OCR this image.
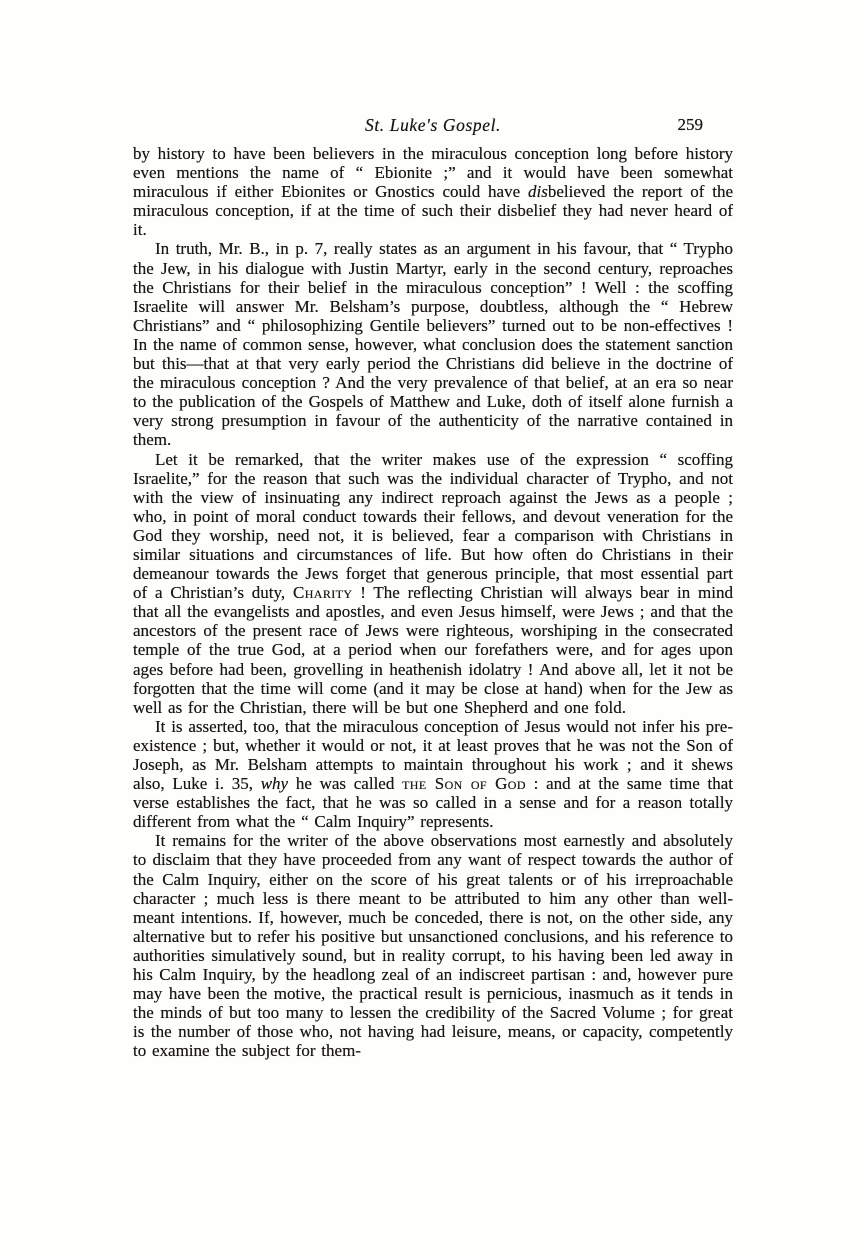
St. Luke's Gospel.	259

by history to have been believers in the miraculous conception long before history even mentions the name of “ Ebionite ;” and it would have been somewhat miraculous if either Ebionites or Gnostics could have disbelieved the report of the miraculous conception, if at the time of such their disbelief they had never heard of it.

In truth, Mr. B., in p. 7, really states as an argument in his favour, that “ Trypho the Jew, in his dialogue with Justin Martyr, early in the second century, reproaches the Christians for their belief in the miraculous conception” ! Well : the scoffing Israelite will answer Mr. Belsham’s purpose, doubtless, although the “ Hebrew Christians” and “ philosophizing Gentile believers” turned out to be non-effectives ! In the name of common sense, however, what conclusion does the statement sanction but this—that at that very early period the Christians did believe in the doctrine of the miraculous conception ? And the very prevalence of that belief, at an era so near to the publication of the Gospels of Matthew and Luke, doth of itself alone furnish a very strong presumption in favour of the authenticity of the narrative contained in them.

Let it be remarked, that the writer makes use of the expression “ scoffing Israelite,” for the reason that such was the individual character of Trypho, and not with the view of insinuating any indirect reproach against the Jews as a people ; who, in point of moral conduct towards their fellows, and devout veneration for the God they worship, need not, it is believed, fear a comparison with Christians in similar situations and circumstances of life. But how often do Christians in their demeanour towards the Jews forget that generous principle, that most essential part of a Christian’s duty, Charity ! The reflecting Christian will always bear in mind that all the evangelists and apostles, and even Jesus himself, were Jews ; and that the ancestors of the present race of Jews were righteous, worshiping in the consecrated temple of the true God, at a period when our forefathers were, and for ages upon ages before had been, grovelling in heathenish idolatry ! And above all, let it not be forgotten that the time will come (and it may be close at hand) when for the Jew as well as for the Christian, there will be but one Shepherd and one fold.

It is asserted, too, that the miraculous conception of Jesus would not infer his pre-existence ; but, whether it would or not, it at least proves that he was not the Son of Joseph, as Mr. Belsham attempts to maintain throughout his work ; and it shews also, Luke i. 35, why he was called the Son of God : and at the same time that verse establishes the fact, that he was so called in a sense and for a reason totally different from what the “ Calm Inquiry” represents.

It remains for the writer of the above observations most earnestly and absolutely to disclaim that they have proceeded from any want of respect towards the author of the Calm Inquiry, either on the score of his great talents or of his irreproachable character ; much less is there meant to be attributed to him any other than well-meant intentions. If, however, much be conceded, there is not, on the other side, any alternative but to refer his positive but unsanctioned conclusions, and his reference to authorities simulatively sound, but in reality corrupt, to his having been led away in his Calm Inquiry, by the headlong zeal of an indiscreet partisan : and, however pure may have been the motive, the practical result is pernicious, inasmuch as it tends in the minds of but too many to lessen the credibility of the Sacred Volume ; for great is the number of those who, not having had leisure, means, or capacity, competently to examine the subject for them-
